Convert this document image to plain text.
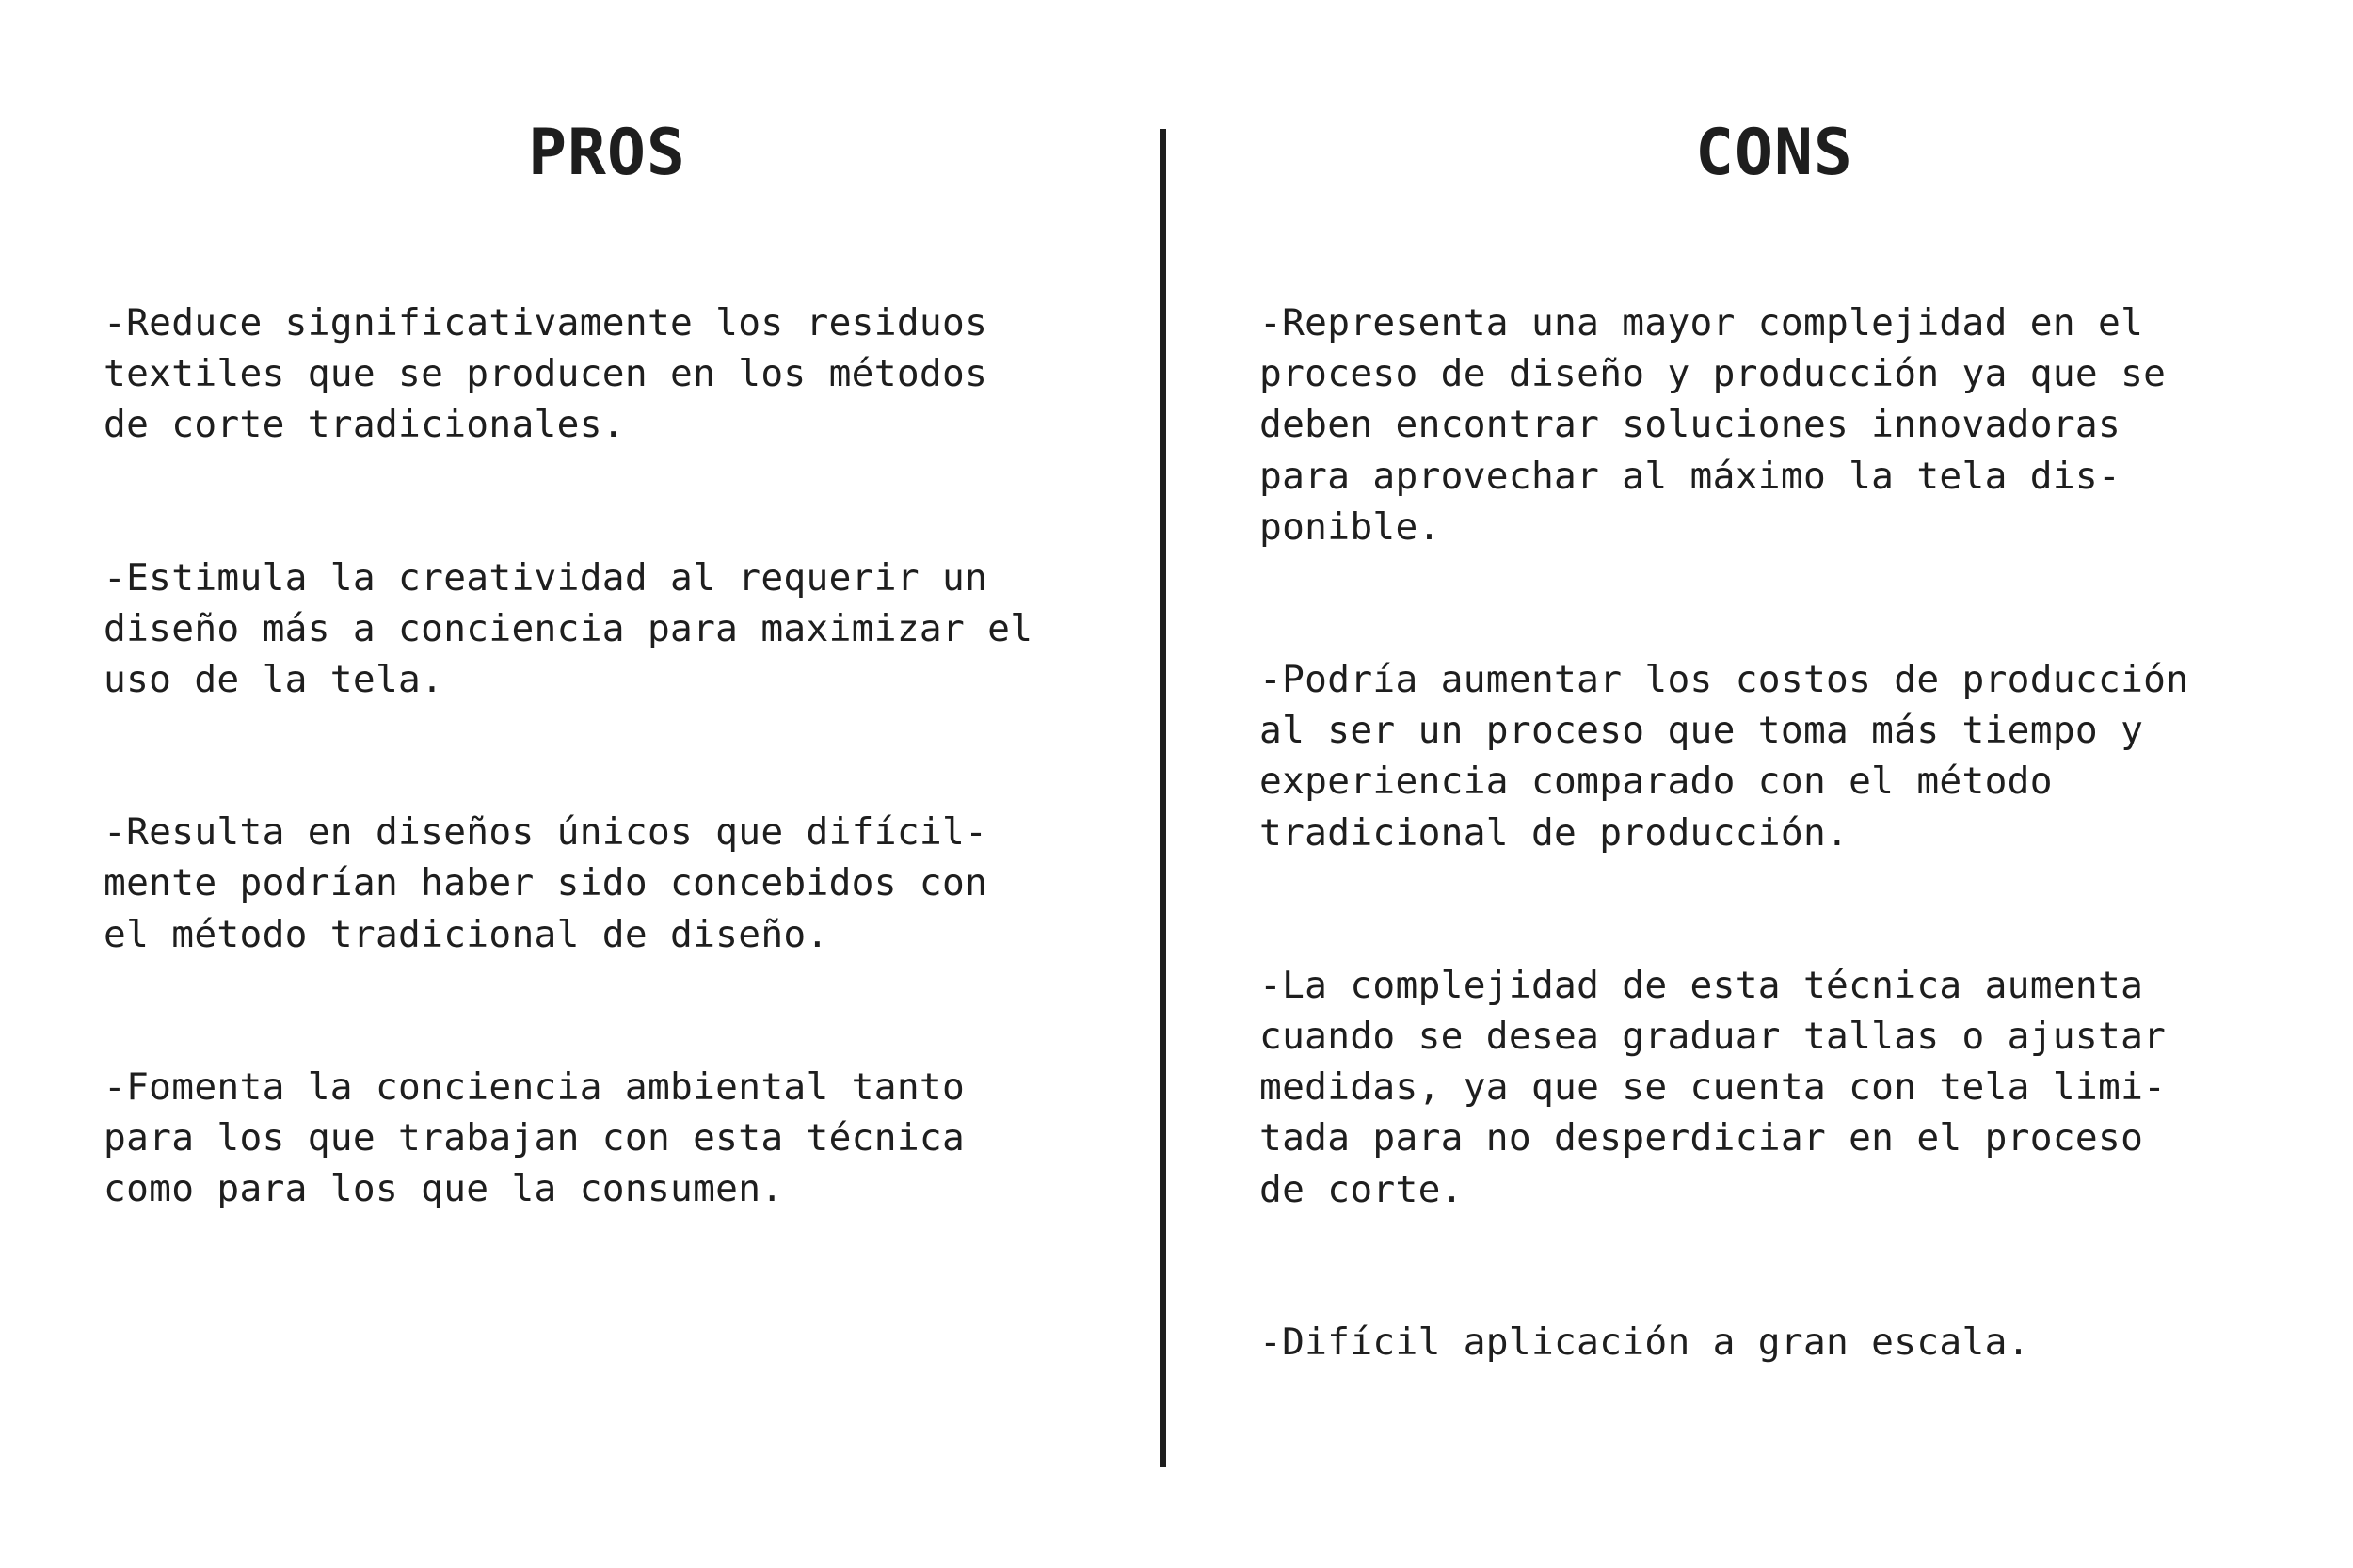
PROS	CONS
-Reduce significativamente los residuos
textiles que se producen en los métodos
de corte tradicionales.
-Estimula la creatividad al requerir un
diseño más a conciencia para maximizar el
uso de la tela.
-Resulta en diseños únicos que difícil-
mente podrían haber sido concebidos con
el método tradicional de diseño.
-Fomenta la conciencia ambiental tanto
para los que trabajan con esta técnica
como para los que la consumen.
-Representa una mayor complejidad en el
proceso de diseño y producción ya que se
deben encontrar soluciones innovadoras
para aprovechar al máximo la tela dis-
ponible.
-Podría aumentar los costos de producción
al ser un proceso que toma más tiempo y
experiencia comparado con el método
tradicional de producción.
-La complejidad de esta técnica aumenta
cuando se desea graduar tallas o ajustar
medidas, ya que se cuenta con tela limi-
tada para no desperdiciar en el proceso
de corte.
-Difícil aplicación a gran escala.
